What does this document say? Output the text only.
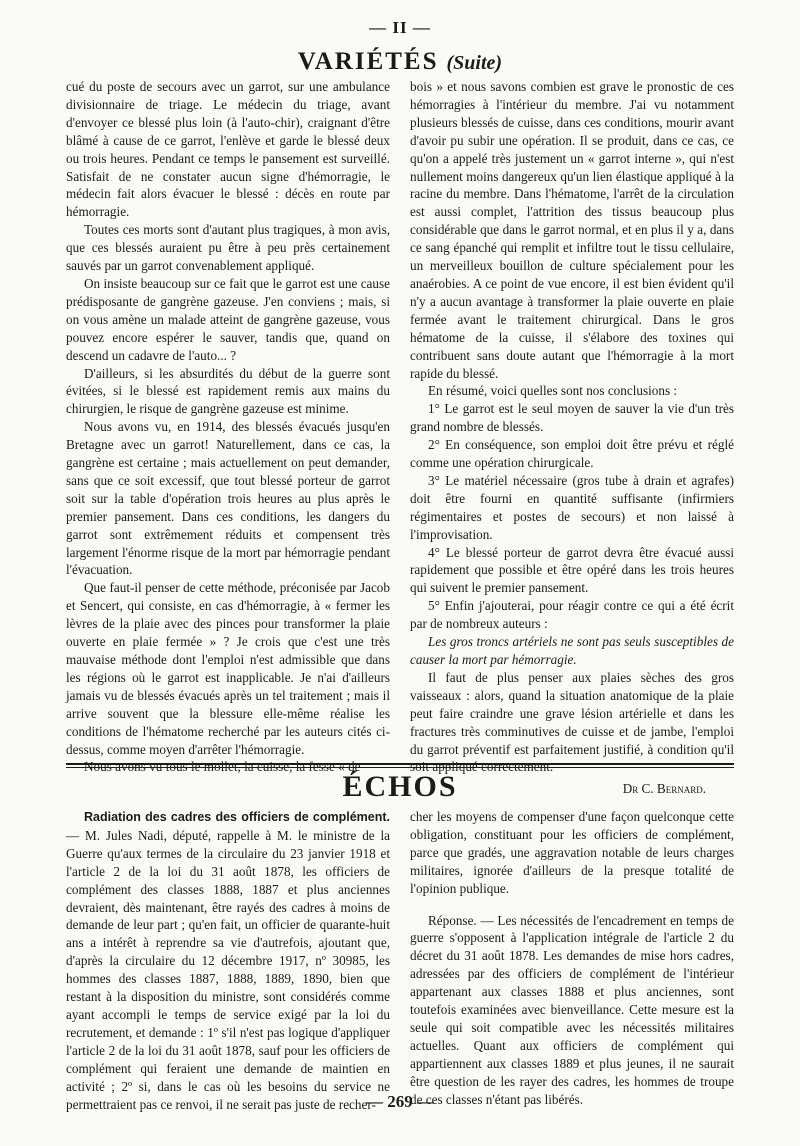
— II —
VARIÉTÉS (Suite)

cué du poste de secours avec un garrot, sur une ambulance divisionnaire de triage. Le médecin du triage, avant d'envoyer ce blessé plus loin (à l'auto-chir), craignant d'être blâmé à cause de ce garrot, l'enlève et garde le blessé deux ou trois heures. Pendant ce temps le pansement est surveillé. Satisfait de ne constater aucun signe d'hémorragie, le médecin fait alors évacuer le blessé : décès en route par hémorragie.

Toutes ces morts sont d'autant plus tragiques, à mon avis, que ces blessés auraient pu être à peu près certainement sauvés par un garrot convenablement appliqué.

On insiste beaucoup sur ce fait que le garrot est une cause prédisposante de gangrène gazeuse. J'en conviens ; mais, si on vous amène un malade atteint de gangrène gazeuse, vous pouvez encore espérer le sauver, tandis que, quand on descend un cadavre de l'auto... ?

D'ailleurs, si les absurdités du début de la guerre sont évitées, si le blessé est rapidement remis aux mains du chirurgien, le risque de gangrène gazeuse est minime.

Nous avons vu, en 1914, des blessés évacués jusqu'en Bretagne avec un garrot! Naturellement, dans ce cas, la gangrène est certaine ; mais actuellement on peut demander, sans que ce soit excessif, que tout blessé porteur de garrot soit sur la table d'opération trois heures au plus après le premier pansement. Dans ces conditions, les dangers du garrot sont extrêmement réduits et compensent très largement l'énorme risque de la mort par hémorragie pendant l'évacuation.

Que faut-il penser de cette méthode, préconisée par Jacob et Sencert, qui consiste, en cas d'hémorragie, à « fermer les lèvres de la plaie avec des pinces pour transformer la plaie ouverte en plaie fermée » ? Je crois que c'est une très mauvaise méthode dont l'emploi n'est admissible que dans les régions où le garrot est inapplicable. Je n'ai d'ailleurs jamais vu de blessés évacués après un tel traitement ; mais il arrive souvent que la blessure elle-même réalise les conditions de l'hématome recherché par les auteurs cités ci-dessus, comme moyen d'arrêter l'hémorragie.

Nous avons vu tous le mollet, la cuisse, la fesse « de

bois » et nous savons combien est grave le pronostic de ces hémorragies à l'intérieur du membre. J'ai vu notamment plusieurs blessés de cuisse, dans ces conditions, mourir avant d'avoir pu subir une opération. Il se produit, dans ce cas, ce qu'on a appelé très justement un « garrot interne », qui n'est nullement moins dangereux qu'un lien élastique appliqué à la racine du membre. Dans l'hématome, l'arrêt de la circulation est aussi complet, l'attrition des tissus beaucoup plus considérable que dans le garrot normal, et en plus il y a, dans ce sang épanché qui remplit et infiltre tout le tissu cellulaire, un merveilleux bouillon de culture spécialement pour les anaérobies. A ce point de vue encore, il est bien évident qu'il n'y a aucun avantage à transformer la plaie ouverte en plaie fermée avant le traitement chirurgical. Dans le gros hématome de la cuisse, il s'élabore des toxines qui contribuent sans doute autant que l'hémorragie à la mort rapide du blessé.

En résumé, voici quelles sont nos conclusions :

1° Le garrot est le seul moyen de sauver la vie d'un très grand nombre de blessés.

2° En conséquence, son emploi doit être prévu et réglé comme une opération chirurgicale.

3° Le matériel nécessaire (gros tube à drain et agrafes) doit être fourni en quantité suffisante (infirmiers régimentaires et postes de secours) et non laissé à l'improvisation.

4° Le blessé porteur de garrot devra être évacué aussi rapidement que possible et être opéré dans les trois heures qui suivent le premier pansement.

5° Enfin j'ajouterai, pour réagir contre ce qui a été écrit par de nombreux auteurs :

Les gros troncs artériels ne sont pas seuls susceptibles de causer la mort par hémorragie.

Il faut de plus penser aux plaies sèches des gros vaisseaux : alors, quand la situation anatomique de la plaie peut faire craindre une grave lésion artérielle et dans les fractures très comminutives de cuisse et de jambe, l'emploi du garrot préventif est parfaitement justifié, à condition qu'il soit appliqué correctement.

Dr C. Bernard.
ÉCHOS

Radiation des cadres des officiers de complément. — M. Jules Nadi, député, rappelle à M. le ministre de la Guerre qu'aux termes de la circulaire du 23 janvier 1918 et l'article 2 de la loi du 31 août 1878, les officiers de complément des classes 1888, 1887 et plus anciennes devraient, dès maintenant, être rayés des cadres à moins de demande de leur part ; qu'en fait, un officier de quarante-huit ans a intérêt à reprendre sa vie d'autrefois, ajoutant que, d'après la circulaire du 12 décembre 1917, nº 30985, les hommes des classes 1887, 1888, 1889, 1890, bien que restant à la disposition du ministre, sont considérés comme ayant accompli le temps de service exigé par la loi du recrutement, et demande : 1º s'il n'est pas logique d'appliquer l'article 2 de la loi du 31 août 1878, sauf pour les officiers de complément qui feraient une demande de maintien en activité ; 2º si, dans le cas où les besoins du service ne permettraient pas ce renvoi, il ne serait pas juste de recher-

cher les moyens de compenser d'une façon quelconque cette obligation, constituant pour les officiers de complément, parce que gradés, une aggravation notable de leurs charges militaires, ignorée d'ailleurs de la presque totalité de l'opinion publique.

Réponse. — Les nécessités de l'encadrement en temps de guerre s'opposent à l'application intégrale de l'article 2 du décret du 31 août 1878. Les demandes de mise hors cadres, adressées par des officiers de complément de l'intérieur appartenant aux classes 1888 et plus anciennes, sont toutefois examinées avec bienveillance. Cette mesure est la seule qui soit compatible avec les nécessités militaires actuelles. Quant aux officiers de complément qui appartiennent aux classes 1889 et plus jeunes, il ne saurait être question de les rayer des cadres, les hommes de troupe de ces classes n'étant pas libérés.

— 269 —
